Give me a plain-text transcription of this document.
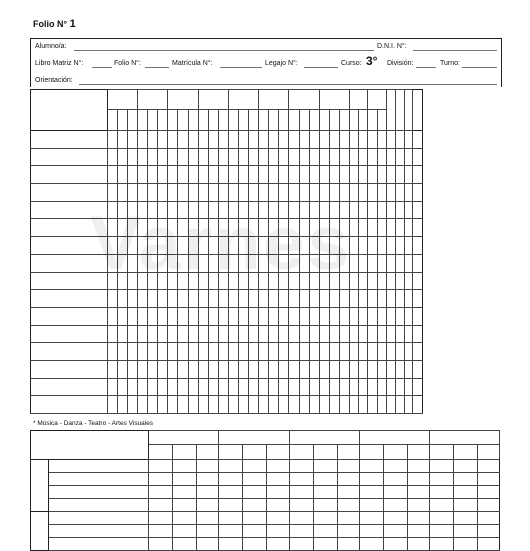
Folio N° 1
Alumno/a:	D.N.I. N°:
Libro Matriz N°:	Folio N°:	Matrícula N°:	Legajo N°:	Curso: 3° División:	Turno:
Orientación:

* Música - Danza - Teatro - Artes Visuales

Varnes
